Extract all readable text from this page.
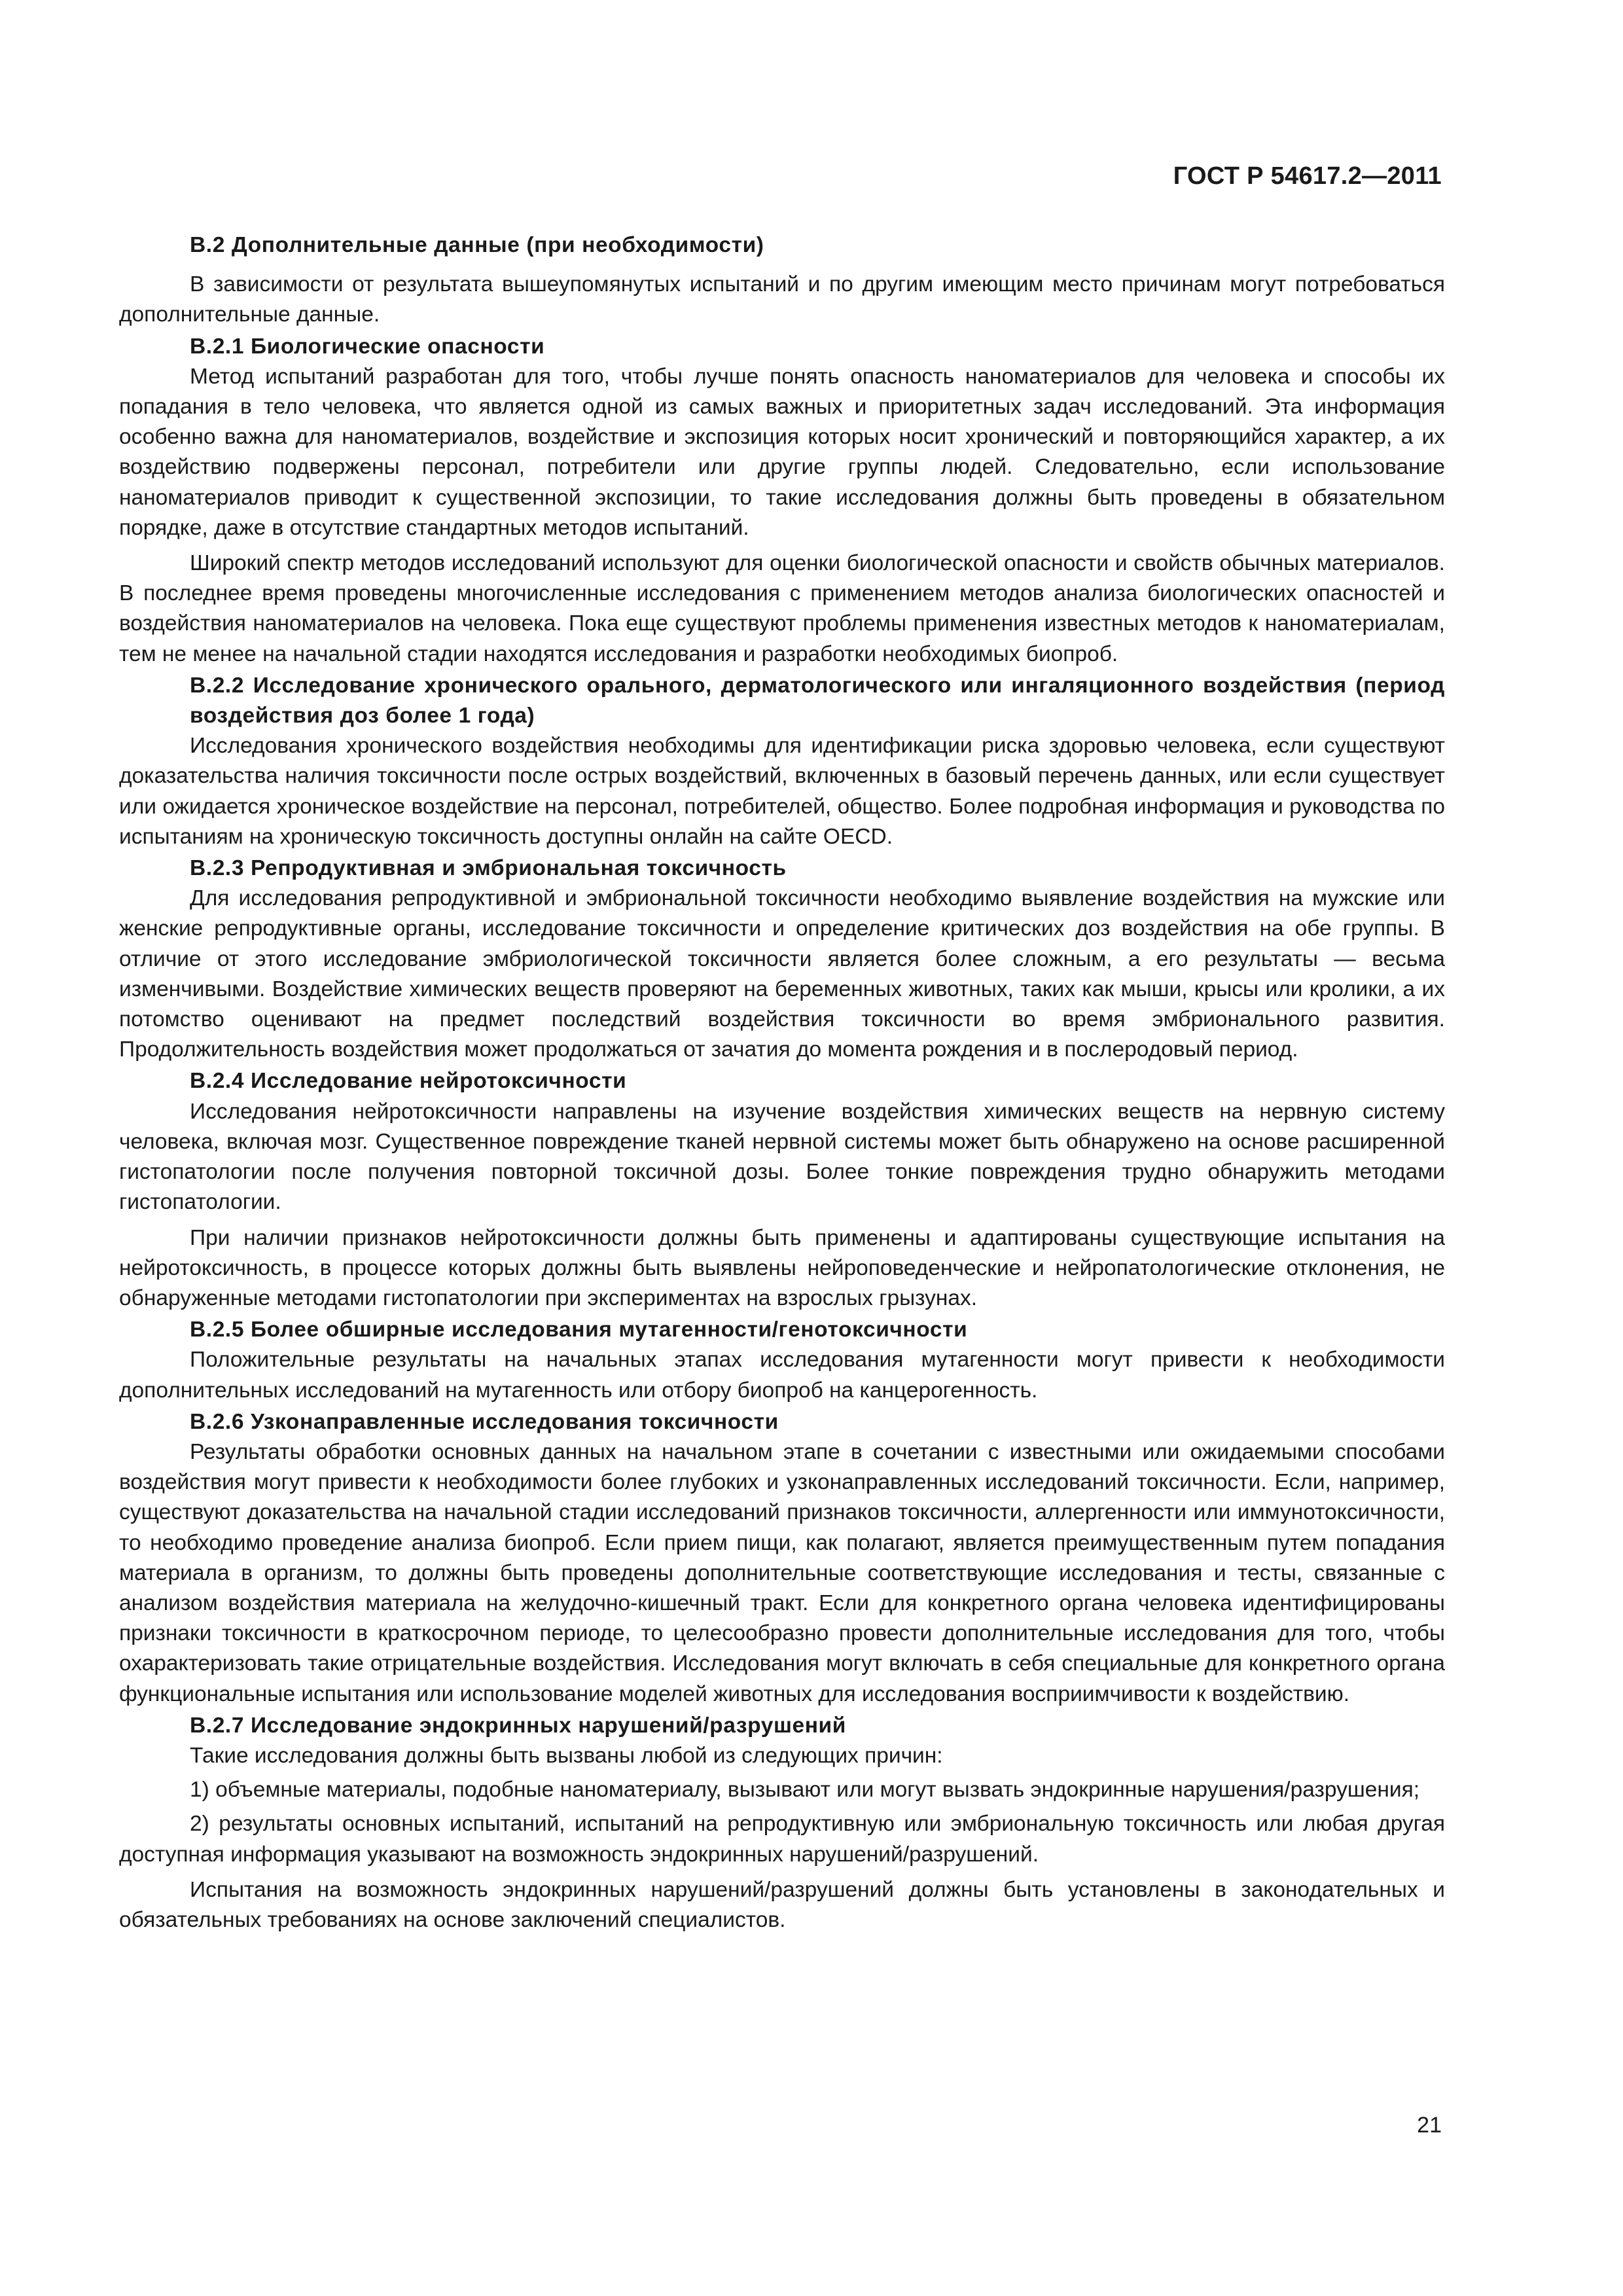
ГОСТ Р 54617.2—2011
В.2 Дополнительные данные (при необходимости)

В зависимости от результата вышеупомянутых испытаний и по другим имеющим место причинам могут потребоваться дополнительные данные.

В.2.1 Биологические опасности

Метод испытаний разработан для того, чтобы лучше понять опасность наноматериалов для человека и способы их попадания в тело человека, что является одной из самых важных и приоритетных задач исследований. Эта информация особенно важна для наноматериалов, воздействие и экспозиция которых носит хронический и повторяющийся характер, а их воздействию подвержены персонал, потребители или другие группы людей. Следовательно, если использование наноматериалов приводит к существенной экспозиции, то такие исследования должны быть проведены в обязательном порядке, даже в отсутствие стандартных методов испытаний.

Широкий спектр методов исследований используют для оценки биологической опасности и свойств обычных материалов. В последнее время проведены многочисленные исследования с применением методов анализа биологических опасностей и воздействия наноматериалов на человека. Пока еще существуют проблемы применения известных методов к наноматериалам, тем не менее на начальной стадии находятся исследования и разработки необходимых биопроб.

В.2.2 Исследование хронического орального, дерматологического или ингаляционного воздействия (период воздействия доз более 1 года)

Исследования хронического воздействия необходимы для идентификации риска здоровью человека, если существуют доказательства наличия токсичности после острых воздействий, включенных в базовый перечень данных, или если существует или ожидается хроническое воздействие на персонал, потребителей, общество. Более подробная информация и руководства по испытаниям на хроническую токсичность доступны онлайн на сайте OECD.

В.2.3 Репродуктивная и эмбриональная токсичность

Для исследования репродуктивной и эмбриональной токсичности необходимо выявление воздействия на мужские или женские репродуктивные органы, исследование токсичности и определение критических доз воздействия на обе группы. В отличие от этого исследование эмбриологической токсичности является более сложным, а его результаты — весьма изменчивыми. Воздействие химических веществ проверяют на беременных животных, таких как мыши, крысы или кролики, а их потомство оценивают на предмет последствий воздействия токсичности во время эмбрионального развития. Продолжительность воздействия может продолжаться от зачатия до момента рождения и в послеродовый период.

В.2.4 Исследование нейротоксичности

Исследования нейротоксичности направлены на изучение воздействия химических веществ на нервную систему человека, включая мозг. Существенное повреждение тканей нервной системы может быть обнаружено на основе расширенной гистопатологии после получения повторной токсичной дозы. Более тонкие повреждения трудно обнаружить методами гистопатологии.

При наличии признаков нейротоксичности должны быть применены и адаптированы существующие испытания на нейротоксичность, в процессе которых должны быть выявлены нейроповеденческие и нейропатологические отклонения, не обнаруженные методами гистопатологии при экспериментах на взрослых грызунах.

В.2.5 Более обширные исследования мутагенности/генотоксичности

Положительные результаты на начальных этапах исследования мутагенности могут привести к необходимости дополнительных исследований на мутагенность или отбору биопроб на канцерогенность.

В.2.6 Узконаправленные исследования токсичности

Результаты обработки основных данных на начальном этапе в сочетании с известными или ожидаемыми способами воздействия могут привести к необходимости более глубоких и узконаправленных исследований токсичности. Если, например, существуют доказательства на начальной стадии исследований признаков токсичности, аллергенности или иммунотоксичности, то необходимо проведение анализа биопроб. Если прием пищи, как полагают, является преимущественным путем попадания материала в организм, то должны быть проведены дополнительные соответствующие исследования и тесты, связанные с анализом воздействия материала на желудочно-кишечный тракт. Если для конкретного органа человека идентифицированы признаки токсичности в краткосрочном периоде, то целесообразно провести дополнительные исследования для того, чтобы охарактеризовать такие отрицательные воздействия. Исследования могут включать в себя специальные для конкретного органа функциональные испытания или использование моделей животных для исследования восприимчивости к воздействию.

В.2.7 Исследование эндокринных нарушений/разрушений

Такие исследования должны быть вызваны любой из следующих причин:

1) объемные материалы, подобные наноматериалу, вызывают или могут вызвать эндокринные нарушения/разрушения;
2) результаты основных испытаний, испытаний на репродуктивную или эмбриональную токсичность или любая другая доступная информация указывают на возможность эндокринных нарушений/разрушений.

Испытания на возможность эндокринных нарушений/разрушений должны быть установлены в законодательных и обязательных требованиях на основе заключений специалистов.

21
